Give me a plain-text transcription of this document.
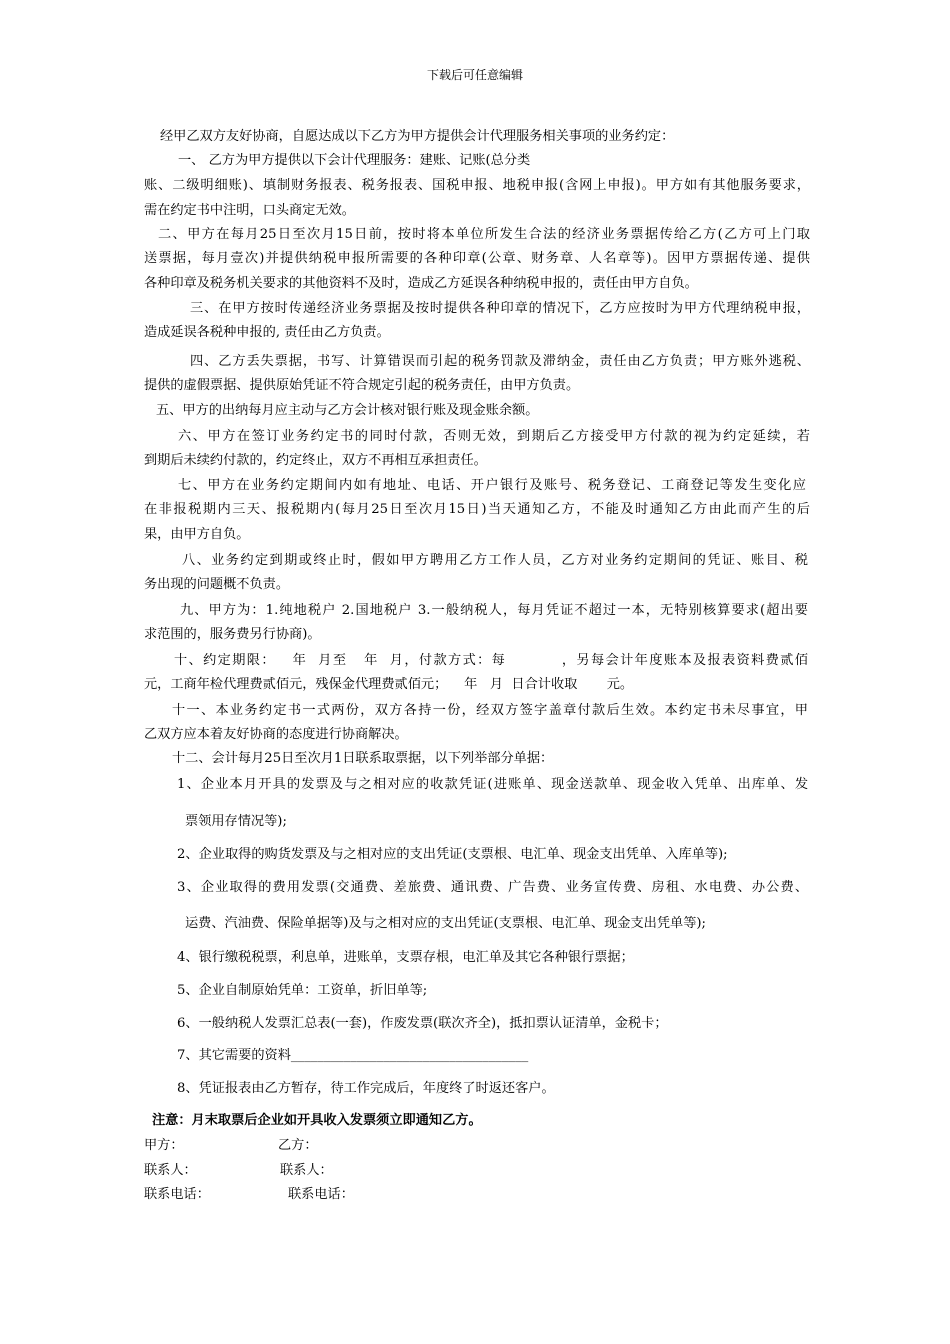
下载后可任意编辑
经甲乙双方友好协商，自愿达成以下乙方为甲方提供会计代理服务相关事项的业务约定：
一、 乙方为甲方提供以下会计代理服务：建账、记账(总分类
账、二级明细账)、填制财务报表、税务报表、国税申报、地税申报(含网上申报)。甲方如有其他服务要求，
需在约定书中注明，口头商定无效。
二、甲方在每月25日至次月15日前，按时将本单位所发生合法的经济业务票据传给乙方(乙方可上门取
送票据，每月壹次)并提供纳税申报所需要的各种印章(公章、财务章、人名章等)。因甲方票据传递、提供
各种印章及税务机关要求的其他资料不及时，造成乙方延误各种纳税申报的，责任由甲方自负。
三、在甲方按时传递经济业务票据及按时提供各种印章的情况下，乙方应按时为甲方代理纳税申报，
造成延误各税种申报的, 责任由乙方负责。
四、乙方丢失票据，书写、计算错误而引起的税务罚款及滞纳金，责任由乙方负责；甲方账外逃税、
提供的虚假票据、提供原始凭证不符合规定引起的税务责任，由甲方负责。
五、甲方的出纳每月应主动与乙方会计核对银行账及现金账余额。
六、甲方在签订业务约定书的同时付款，否则无效，到期后乙方接受甲方付款的视为约定延续，若
到期后未续约付款的，约定终止，双方不再相互承担责任。
七、甲方在业务约定期间内如有地址、电话、开户银行及账号、税务登记、工商登记等发生变化应
在非报税期内三天、报税期内(每月25日至次月15日)当天通知乙方，不能及时通知乙方由此而产生的后
果，由甲方自负。
八、业务约定到期或终止时，假如甲方聘用乙方工作人员，乙方对业务约定期间的凭证、账目、税
务出现的问题概不负责。
九、甲方为：1.纯地税户 2.国地税户 3.一般纳税人，每月凭证不超过一本，无特别核算要求(超出要
求范围的，服务费另行协商)。
十、约定期限：   年  月至   年  月，付款方式：每          ，另每会计年度账本及报表资料费贰佰
元，工商年检代理费贰佰元，残保金代理费贰佰元；    年   月  日合计收取       元。
十一、本业务约定书一式两份，双方各持一份，经双方签字盖章付款后生效。本约定书未尽事宜，甲
乙双方应本着友好协商的态度进行协商解决。
十二、会计每月25日至次月1日联系取票据，以下列举部分单据：
1、企业本月开具的发票及与之相对应的收款凭证(进账单、现金送款单、现金收入凭单、出库单、发
票领用存情况等);
2、企业取得的购货发票及与之相对应的支出凭证(支票根、电汇单、现金支出凭单、入库单等);
3、企业取得的费用发票(交通费、差旅费、通讯费、广告费、业务宣传费、房租、水电费、办公费、
运费、汽油费、保险单据等)及与之相对应的支出凭证(支票根、电汇单、现金支出凭单等);
4、银行缴税税票，利息单，进账单，支票存根，电汇单及其它各种银行票据；
5、企业自制原始凭单：工资单，折旧单等;
6、一般纳税人发票汇总表(一套)，作废发票(联次齐全)，抵扣票认证清单，金税卡；
7、其它需要的资料____________________________________
8、凭证报表由乙方暂存，待工作完成后，年度终了时返还客户。
注意：月末取票后企业如开具收入发票须立即通知乙方。
甲方：	乙方：
联系人：	联系人：
联系电话：	联系电话：
